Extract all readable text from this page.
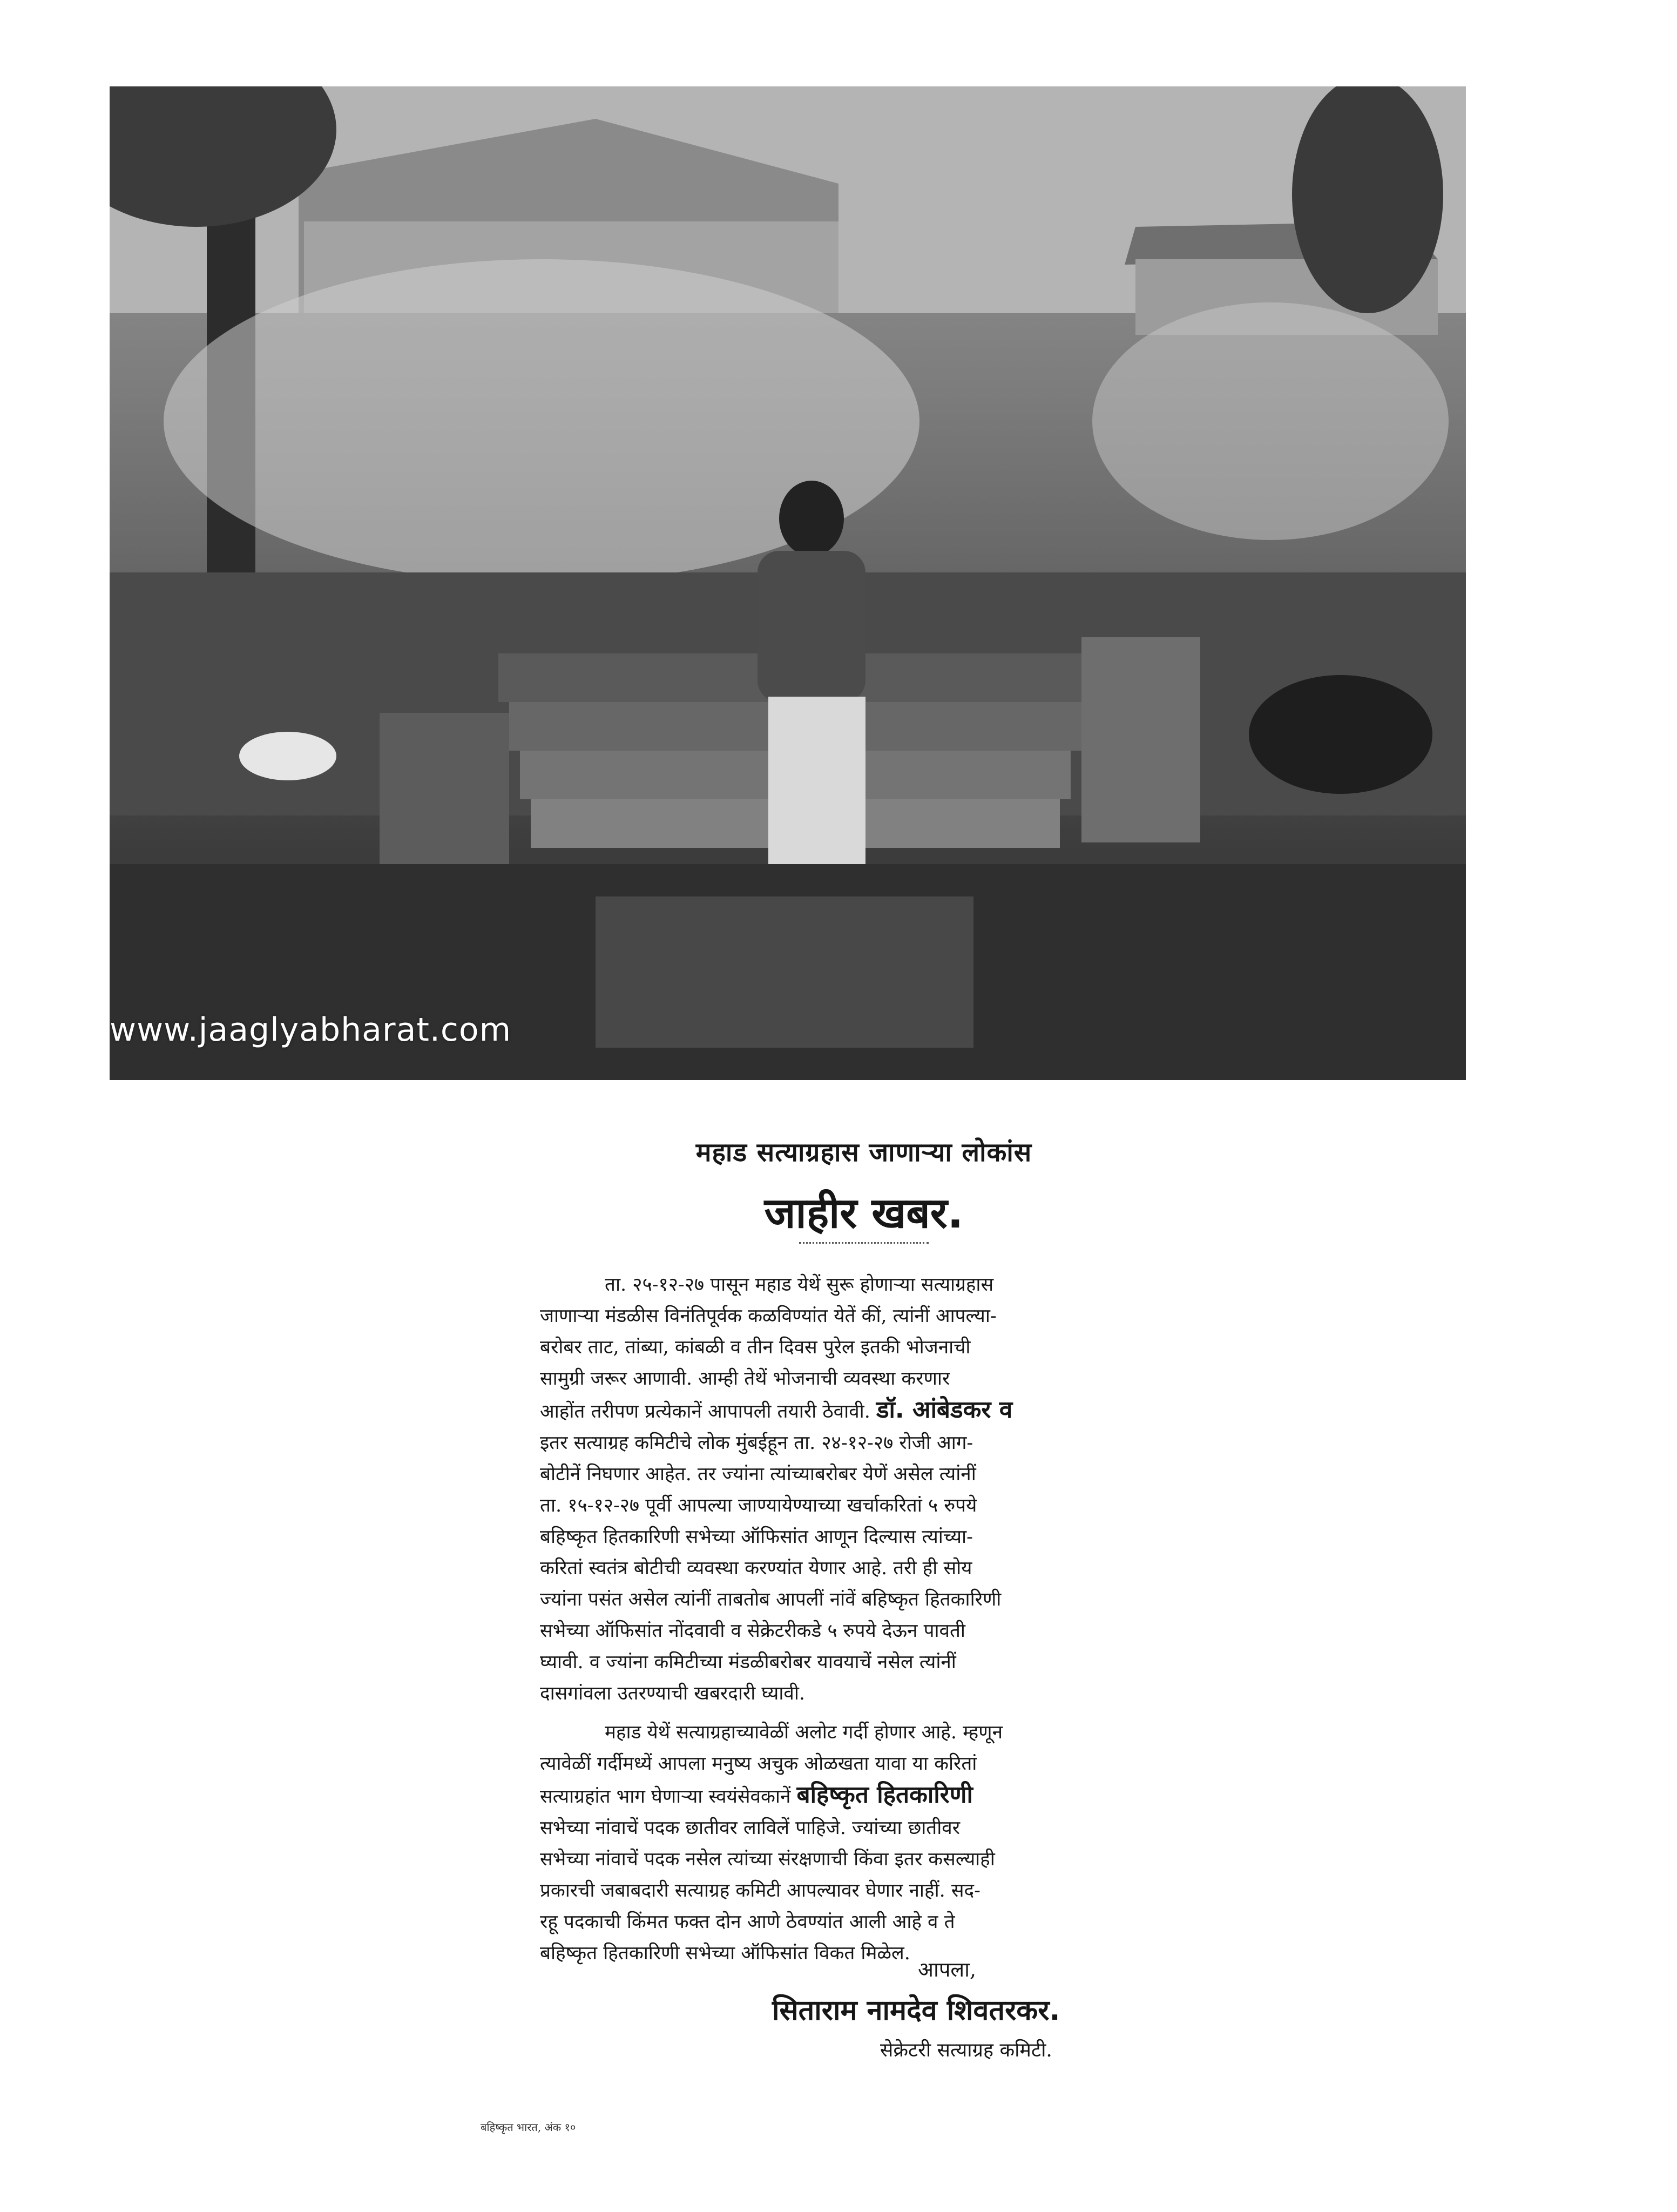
www.jaaglyabharat.com
महाड सत्याग्रहास जाणाऱ्या लोकांस
जाहीर खबर.
ता. २५-१२-२७ पासून महाड येथें सुरू होणाऱ्या सत्याग्रहास
जाणाऱ्या मंडळीस विनंतिपूर्वक कळविण्यांत येतें कीं, त्यांनीं आपल्या-
बरोबर ताट, तांब्या, कांबळी व तीन दिवस पुरेल इतकी भोजनाची
सामुग्री जरूर आणावी. आम्ही तेथें भोजनाची व्यवस्था करणार
आहोंत तरीपण प्रत्येकानें आपापली तयारी ठेवावी. डॉ. आंबेडकर व
इतर सत्याग्रह कमिटीचे लोक मुंबईहून ता. २४-१२-२७ रोजी आग-
बोटीनें निघणार आहेत. तर ज्यांना त्यांच्याबरोबर येणें असेल त्यांनीं
ता. १५-१२-२७ पूर्वी आपल्या जाण्यायेण्याच्या खर्चाकरितां ५ रुपये
बहिष्कृत हितकारिणी सभेच्या ऑफिसांत आणून दिल्यास त्यांच्या-
करितां स्वतंत्र बोटीची व्यवस्था करण्यांत येणार आहे. तरी ही सोय
ज्यांना पसंत असेल त्यांनीं ताबतोब आपलीं नांवें बहिष्कृत हितकारिणी
सभेच्या ऑफिसांत नोंदवावी व सेक्रेटरीकडे ५ रुपये देऊन पावती
घ्यावी. व ज्यांना कमिटीच्या मंडळीबरोबर यावयाचें नसेल त्यांनीं
दासगांवला उतरण्याची खबरदारी घ्यावी.
महाड येथें सत्याग्रहाच्यावेळीं अलोट गर्दी होणार आहे. म्हणून
त्यावेळीं गर्दीमध्यें आपला मनुष्य अचुक ओळखता यावा या करितां
सत्याग्रहांत भाग घेणाऱ्या स्वयंसेवकानें बहिष्कृत हितकारिणी
सभेच्या नांवाचें पदक छातीवर लाविलें पाहिजे. ज्यांच्या छातीवर
सभेच्या नांवाचें पदक नसेल त्यांच्या संरक्षणाची किंवा इतर कसल्याही
प्रकारची जबाबदारी सत्याग्रह कमिटी आपल्यावर घेणार नाहीं. सद-
रहू पदकाची किंमत फक्त दोन आणे ठेवण्यांत आली आहे व ते
बहिष्कृत हितकारिणी सभेच्या ऑफिसांत विकत मिळेल.
आपला,
सिताराम नामदेव शिवतरकर.
सेक्रेटरी सत्याग्रह कमिटी.
बहिष्कृत भारत, अंक १०
